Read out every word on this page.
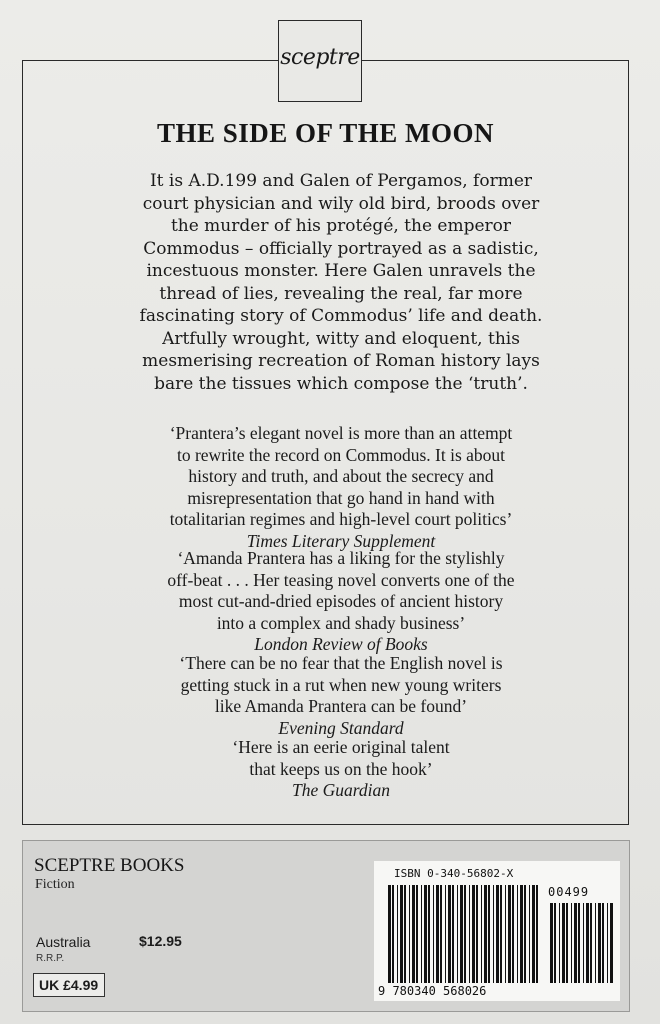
sceptre
THE SIDE OF THE MOON
It is A.D.199 and Galen of Pergamos, former
court physician and wily old bird, broods over
the murder of his protégé, the emperor
Commodus – officially portrayed as a sadistic,
incestuous monster. Here Galen unravels the
thread of lies, revealing the real, far more
fascinating story of Commodus’ life and death.
Artfully wrought, witty and eloquent, this
mesmerising recreation of Roman history lays
bare the tissues which compose the ‘truth’.
‘Prantera’s elegant novel is more than an attempt
to rewrite the record on Commodus. It is about
history and truth, and about the secrecy and
misrepresentation that go hand in hand with
totalitarian regimes and high-level court politics’
Times Literary Supplement
‘Amanda Prantera has a liking for the stylishly
off-beat . . . Her teasing novel converts one of the
most cut-and-dried episodes of ancient history
into a complex and shady business’
London Review of Books
‘There can be no fear that the English novel is
getting stuck in a rut when new young writers
like Amanda Prantera can be found’
Evening Standard
‘Here is an eerie original talent
that keeps us on the hook’
The Guardian
SCEPTRE BOOKS
Fiction
Australia	$12.95
R.R.P.
UK £4.99
ISBN 0-340-56802-X
00499
9 780340 568026
